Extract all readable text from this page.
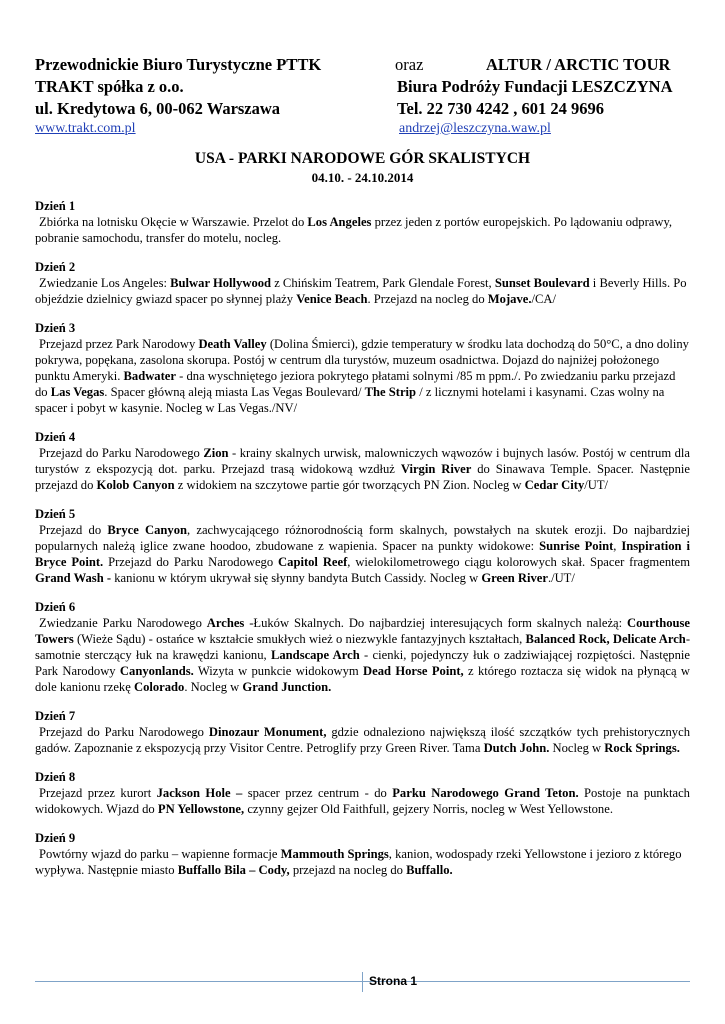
Przewodnickie Biuro Turystyczne PTTK	oraz	ALTUR / ARCTIC TOUR
TRAKT spółka z o.o.	Biura Podróży Fundacji LESZCZYNA
ul. Kredytowa 6, 00-062 Warszawa	Tel. 22 730 4242 , 601 24 9696
www.trakt.com.pl	andrzej@leszczyna.waw.pl
USA - PARKI NARODOWE GÓR SKALISTYCH
04.10. - 24.10.2014
Dzień 1

Zbiórka na lotnisku Okęcie w Warszawie. Przelot do Los Angeles przez jeden z portów europejskich. Po lądowaniu odprawy, pobranie samochodu, transfer do motelu, nocleg.

Dzień 2

Zwiedzanie Los Angeles: Bulwar Hollywood z Chińskim Teatrem, Park Glendale Forest, Sunset Boulevard i Beverly Hills. Po objeździe dzielnicy gwiazd spacer po słynnej plaży Venice Beach. Przejazd na nocleg do Mojave./CA/

Dzień 3

Przejazd przez Park Narodowy Death Valley (Dolina Śmierci), gdzie temperatury w środku lata dochodzą do 50°C, a dno doliny pokrywa, popękana, zasolona skorupa. Postój w centrum dla turystów, muzeum osadnictwa. Dojazd do najniżej położonego punktu Ameryki. Badwater - dna wyschniętego jeziora pokrytego płatami solnymi /85 m ppm./. Po zwiedzaniu parku przejazd do Las Vegas. Spacer główną aleją miasta Las Vegas Boulevard/ The Strip / z licznymi hotelami i kasynami. Czas wolny na spacer i pobyt w kasynie. Nocleg w Las Vegas./NV/

Dzień 4

Przejazd do Parku Narodowego Zion - krainy skalnych urwisk, malowniczych wąwozów i bujnych lasów. Postój w centrum dla turystów z ekspozycją dot. parku. Przejazd trasą widokową wzdłuż Virgin River do Sinawava Temple. Spacer. Następnie przejazd do Kolob Canyon z widokiem na szczytowe partie gór tworzących PN Zion. Nocleg w Cedar City/UT/

Dzień 5

Przejazd do Bryce Canyon, zachwycającego różnorodnością form skalnych, powstałych na skutek erozji. Do najbardziej popularnych należą iglice zwane hoodoo, zbudowane z wapienia. Spacer na punkty widokowe: Sunrise Point, Inspiration i Bryce Point. Przejazd do Parku Narodowego Capitol Reef, wielokilometrowego ciągu kolorowych skał. Spacer fragmentem Grand Wash - kanionu w którym ukrywał się słynny bandyta Butch Cassidy. Nocleg w Green River./UT/

Dzień 6

Zwiedzanie Parku Narodowego Arches -Łuków Skalnych. Do najbardziej interesujących form skalnych należą: Courthouse Towers (Wieże Sądu) - ostańce w kształcie smukłych wież o niezwykle fantazyjnych kształtach, Balanced Rock, Delicate Arch- samotnie sterczący łuk na krawędzi kanionu, Landscape Arch - cienki, pojedynczy łuk o zadziwiającej rozpiętości. Następnie Park Narodowy Canyonlands. Wizyta w punkcie widokowym Dead Horse Point, z którego roztacza się widok na płynącą w dole kanionu rzekę Colorado. Nocleg w Grand Junction.

Dzień 7

Przejazd do Parku Narodowego Dinozaur Monument, gdzie odnaleziono największą ilość szczątków tych prehistorycznych gadów. Zapoznanie z ekspozycją przy Visitor Centre. Petroglify przy Green River. Tama Dutch John. Nocleg w Rock Springs.

Dzień 8

Przejazd przez kurort Jackson Hole – spacer przez centrum - do Parku Narodowego Grand Teton. Postoje na punktach widokowych. Wjazd do PN Yellowstone, czynny gejzer Old Faithfull, gejzery Norris, nocleg w West Yellowstone.

Dzień 9

Powtórny wjazd do parku – wapienne formacje Mammouth Springs, kanion, wodospady rzeki Yellowstone i jezioro z którego wypływa. Następnie miasto Buffallo Bila – Cody, przejazd na nocleg do Buffallo.

Strona 1
